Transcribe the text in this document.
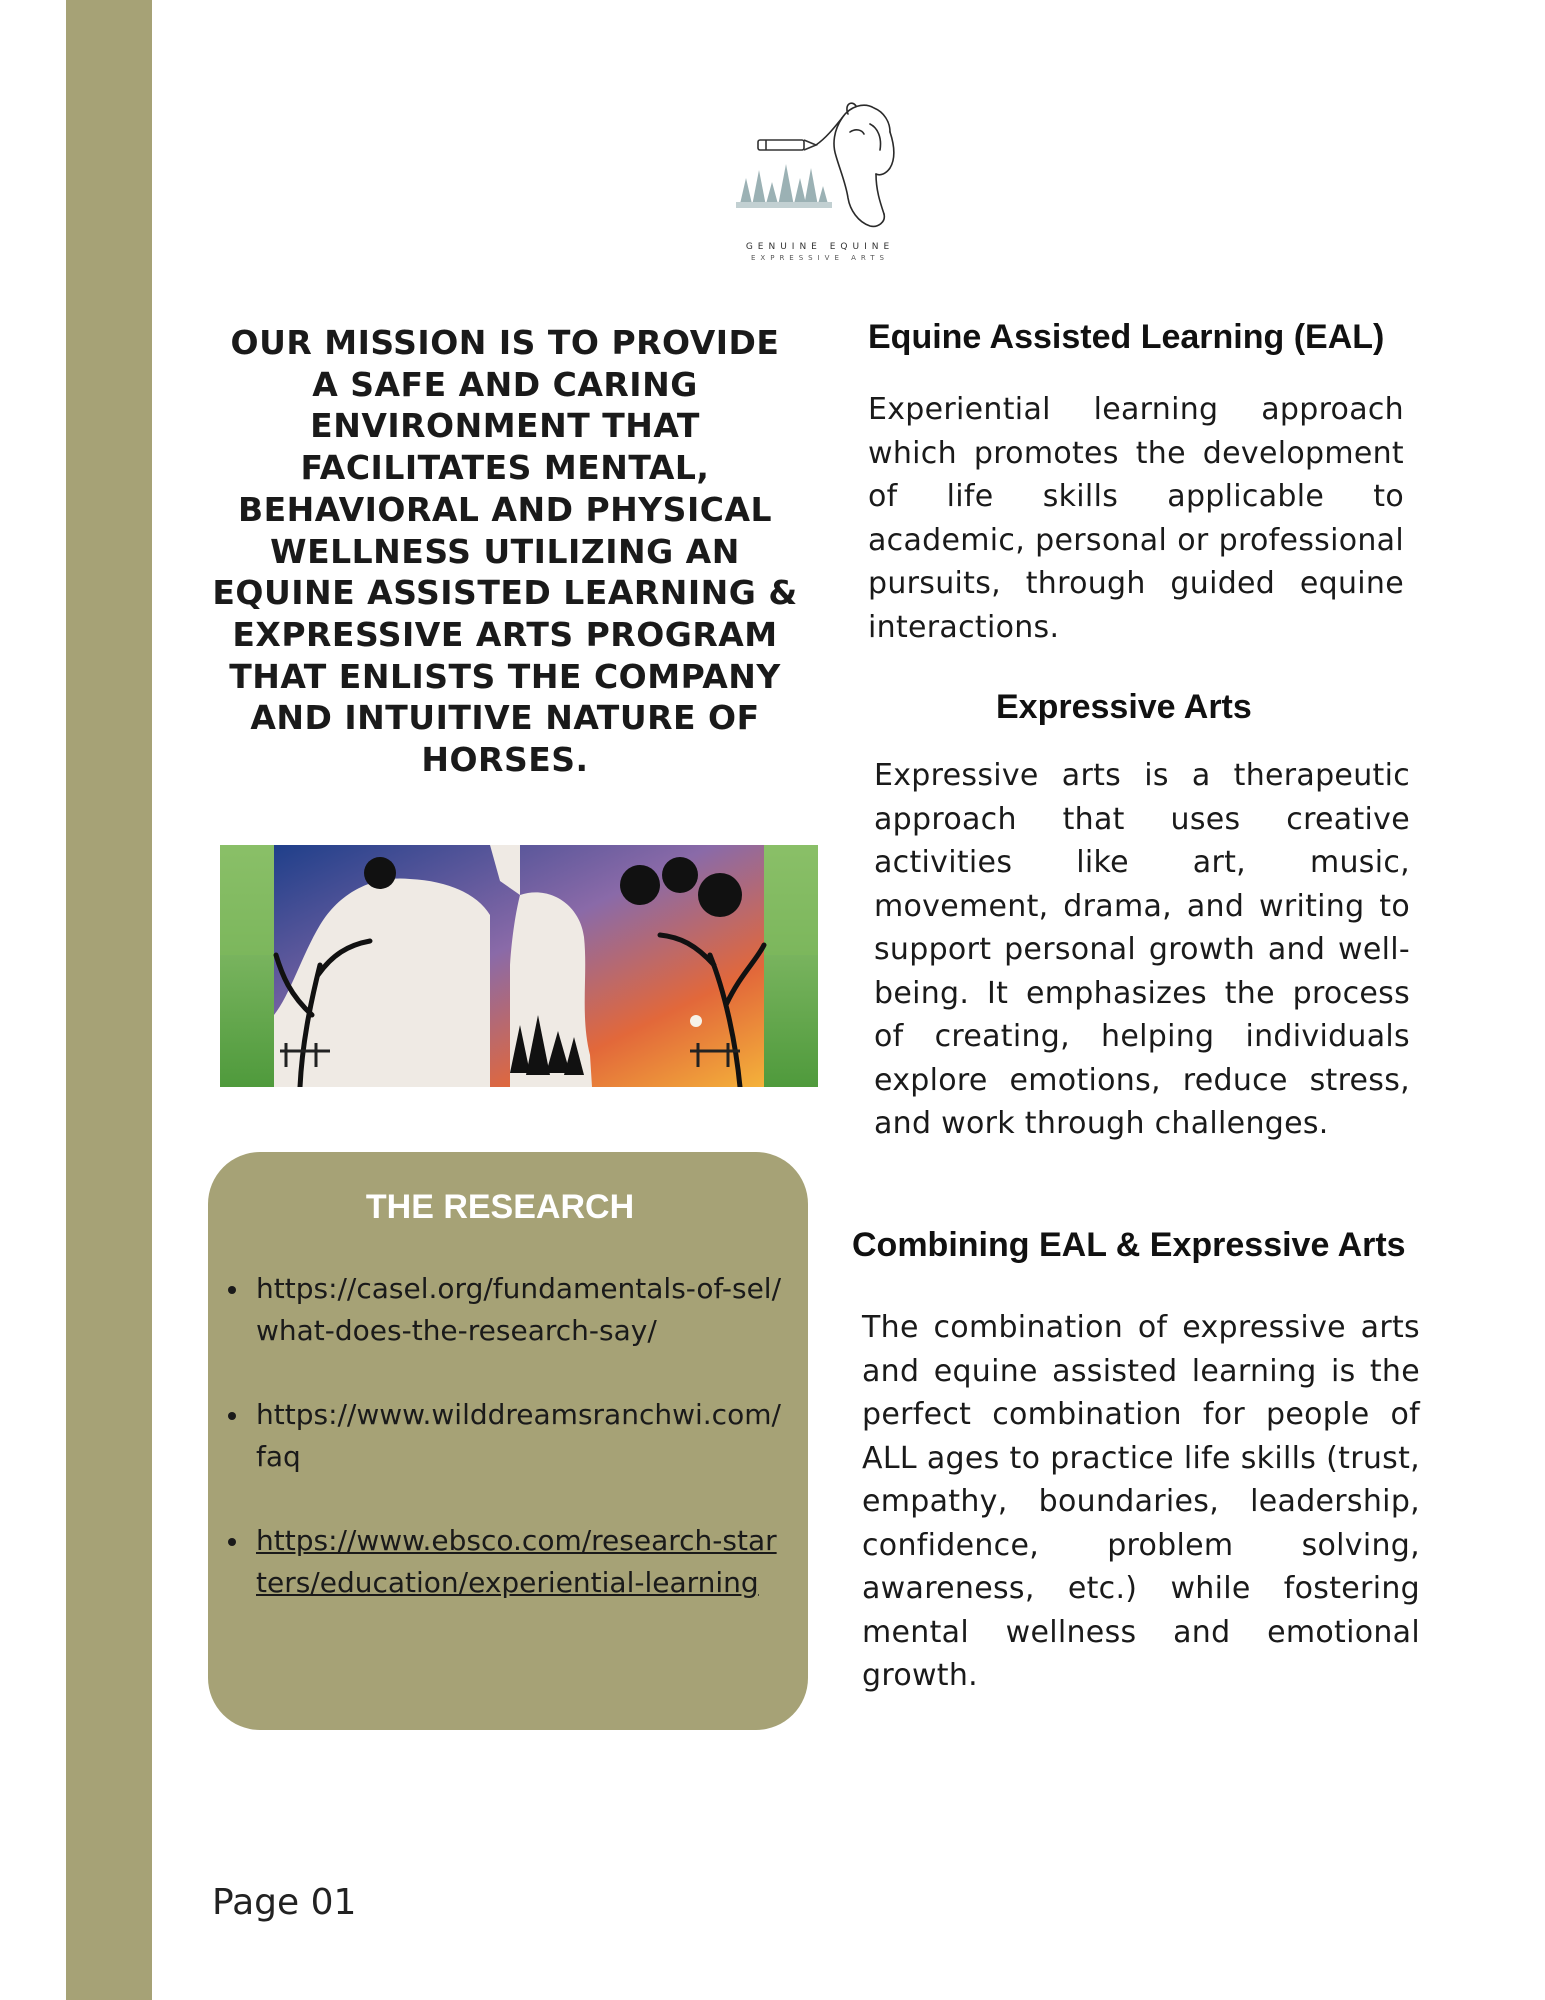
GENUINE EQUINE
EXPRESSIVE ARTS

OUR MISSION IS TO PROVIDE A SAFE AND CARING ENVIRONMENT THAT FACILITATES MENTAL, BEHAVIORAL AND PHYSICAL WELLNESS UTILIZING AN EQUINE ASSISTED LEARNING & EXPRESSIVE ARTS PROGRAM THAT ENLISTS THE COMPANY AND INTUITIVE NATURE OF HORSES.

THE RESEARCH
https://casel.org/fundamentals-of-sel/what-does-the-research-say/
https://www.wilddreamsranchwi.com/faq
https://www.ebsco.com/research-starters/education/experiential-learning
Equine Assisted Learning (EAL)

Experiential learning approach which promotes the development of life skills applicable to academic, personal or professional pursuits, through guided equine interactions.

Expressive Arts

Expressive arts is a therapeutic approach that uses creative activities like art, music, movement, drama, and writing to support personal growth and well-being. It emphasizes the process of creating, helping individuals explore emotions, reduce stress, and work through challenges.

Combining EAL & Expressive Arts

The combination of expressive arts and equine assisted learning is the perfect combination for people of ALL ages to practice life skills (trust, empathy, boundaries, leadership, confidence, problem solving, awareness, etc.) while fostering mental wellness and emotional growth.

Page 01
